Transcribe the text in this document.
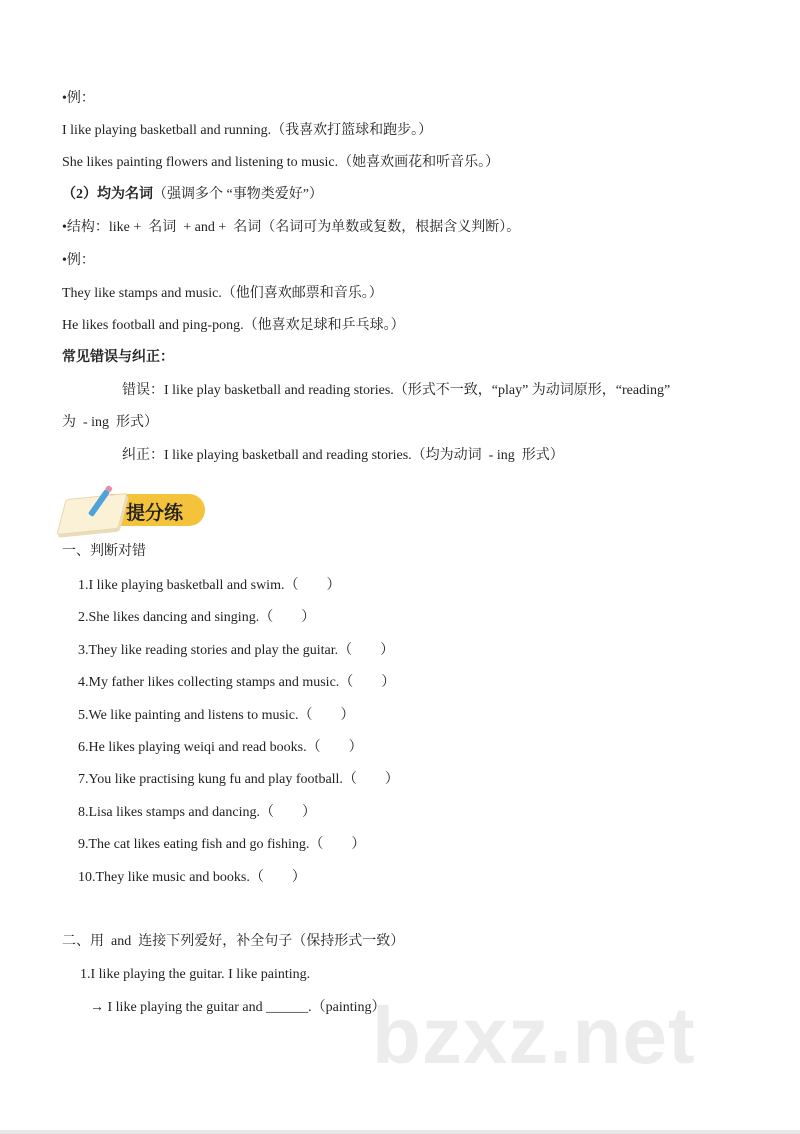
•例：
I like playing basketball and running.（我喜欢打篮球和跑步。）
She likes painting flowers and listening to music.（她喜欢画花和听音乐。）
（2）均为名词（强调多个 “事物类爱好”）
•结构：like +  名词  + and +  名词（名词可为单数或复数，根据含义判断）。
•例：
They like stamps and music.（他们喜欢邮票和音乐。）
He likes football and ping-pong.（他喜欢足球和乒乓球。）
常见错误与纠正：
错误：I like play basketball and reading stories.（形式不一致，“play” 为动词原形，“reading”
为  - ing  形式）
纠正：I like playing basketball and reading stories.（均为动词  - ing  形式）
提分练
一、判断对错
1.I like playing basketball and swim.（        ）
2.She likes dancing and singing.（        ）
3.They like reading stories and play the guitar.（        ）
4.My father likes collecting stamps and music.（        ）
5.We like painting and listens to music.（        ）
6.He likes playing weiqi and read books.（        ）
7.You like practising kung fu and play football.（        ）
8.Lisa likes stamps and dancing.（        ）
9.The cat likes eating fish and go fishing.（        ）
10.They like music and books.（        ）
二、用  and  连接下列爱好，补全句子（保持形式一致）
1.I like playing the guitar. I like painting.
→ I like playing the guitar and ______.（painting）
bzxz.net
